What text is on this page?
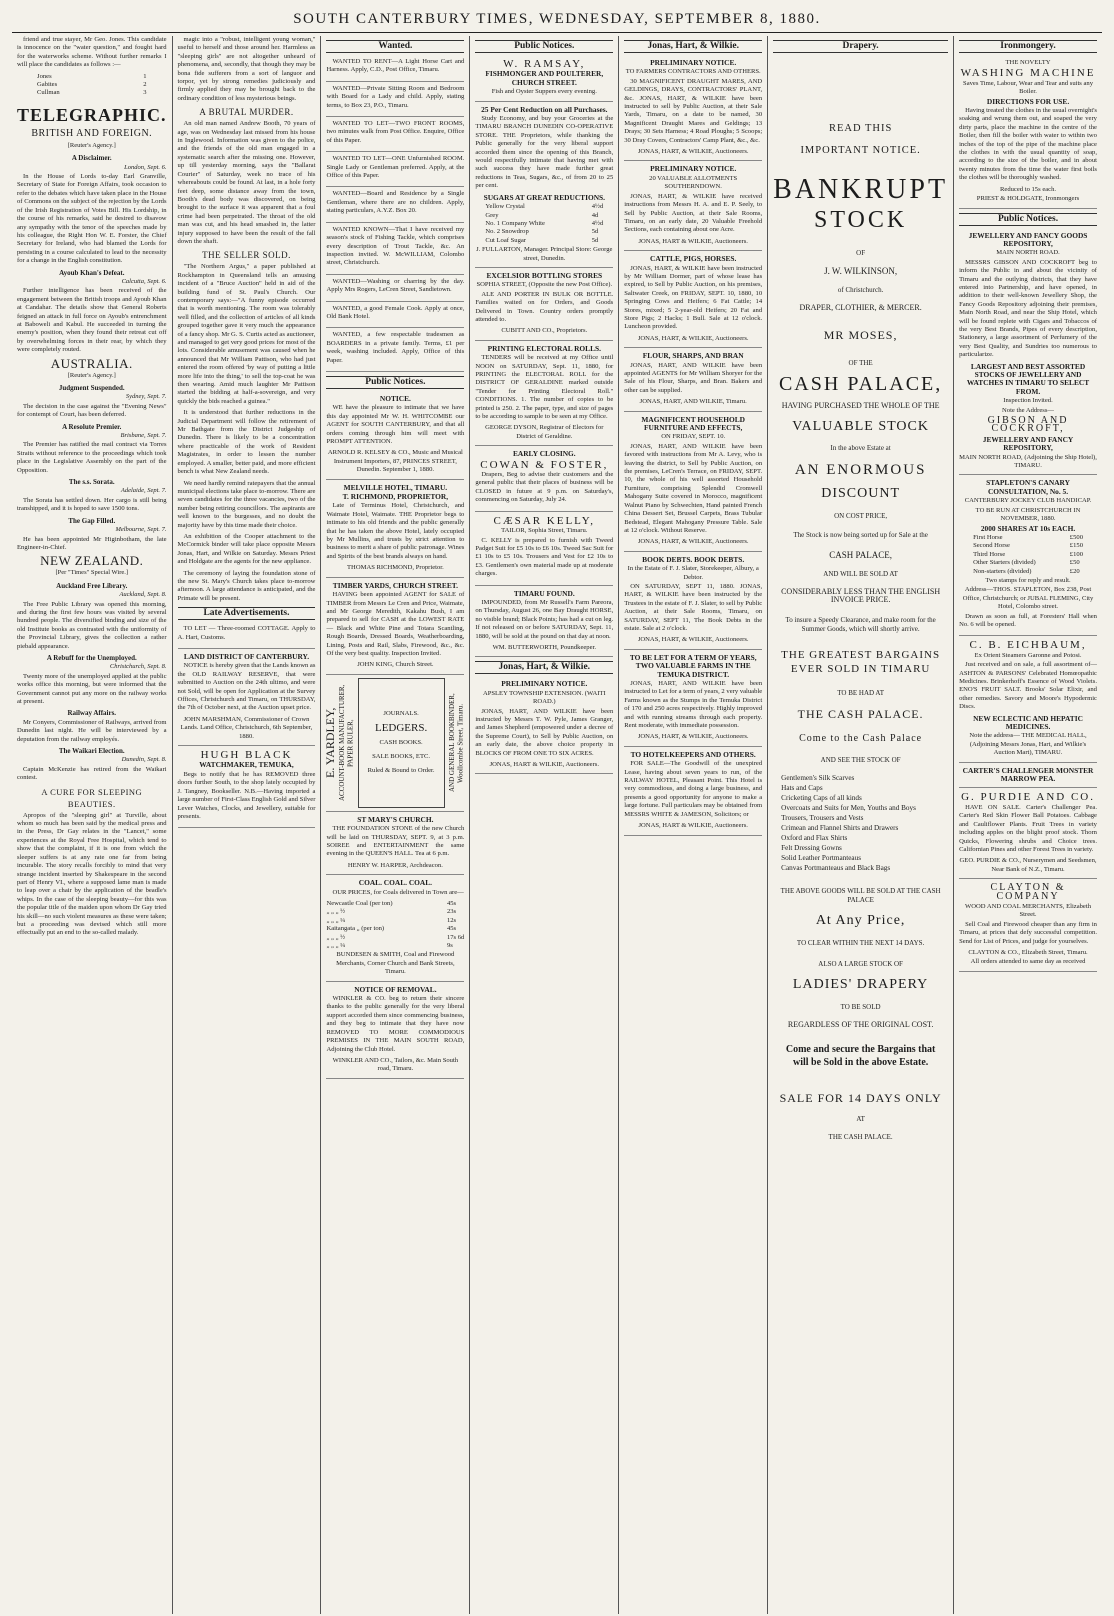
SOUTH CANTERBURY TIMES, WEDNESDAY, SEPTEMBER 8, 1880.

friend and true stayer, Mr Geo. Jones. This candidate is innocence on the "water question," and fought hard for the waterworks scheme. Without further remarks I will place the candidates as follows :—

Jones	1
Gabites	2
Cullman	3
TELEGRAPHIC.
BRITISH AND FOREIGN.
[Reuter's Agency.]
A Disclaimer.
London, Sept. 6.

In the House of Lords to-day Earl Granville, Secretary of State for Foreign Affairs, took occasion to refer to the debates which have taken place in the House of Commons on the subject of the rejection by the Lords of the Irish Registration of Votes Bill. His Lordship, in the course of his remarks, said he desired to disavow any sympathy with the tenor of the speeches made by his colleague, the Right Hon W. E. Forster, the Chief Secretary for Ireland, who had blamed the Lords for persisting in a course calculated to lead to the necessity for a change in the English constitution.

Ayoub Khan's Defeat.
Calcutta, Sept. 6.

Further intelligence has been received of the engagement between the British troops and Ayoub Khan at Candahar. The details show that General Roberts feigned an attack in full force on Ayoub's entrenchment at Baboweli and Kabul. He succeeded in turning the enemy's position, when they found their retreat cut off by overwhelming forces in their rear, by which they were completely routed.

AUSTRALIA.
[Reuter's Agency.]
Judgment Suspended.
Sydney, Sept. 7.

The decision in the case against the "Evening News" for contempt of Court, has been deferred.

A Resolute Premier.
Brisbane, Sept. 7.

The Premier has ratified the mail contract via Torres Straits without reference to the proceedings which took place in the Legislative Assembly on the part of the Opposition.

The s.s. Sorata.
Adelaide, Sept. 7.

The Sorata has settled down. Her cargo is still being transhipped, and it is hoped to save 1500 tons.

The Gap Filled.
Melbourne, Sept. 7.

He has been appointed Mr Higinbotham, the late Engineer-in-Chief.

NEW ZEALAND.
[Per "Times" Special Wire.]
Auckland Free Library.
Auckland, Sept. 8.

The Free Public Library was opened this morning, and during the first few hours was visited by several hundred people. The diversified binding and size of the old Institute books as contrasted with the uniformity of the Provincial Library, gives the collection a rather piebald appearance.

A Rebuff for the Unemployed.
Christchurch, Sept. 8.

Twenty more of the unemployed applied at the public works office this morning, but were informed that the Government cannot put any more on the railway works at present.

Railway Affairs.

Mr Conyers, Commissioner of Railways, arrived from Dunedin last night. He will be interviewed by a deputation from the railway employés.

The Waikari Election.
Dunedin, Sept. 8.

Captain McKenzie has retired from the Waikari contest.

A CURE FOR SLEEPING BEAUTIES.

Apropos of the "sleeping girl" at Turville, about whom so much has been said by the medical press and in the Press, Dr Gay relates in the "Lancet," some experiences at the Royal Free Hospital, which tend to show that the complaint, if it is one from which the sleeper suffers is at any rate one far from being incurable. The story recalls forcibly to mind that very strange incident inserted by Shakespeare in the second part of Henry VI., where a supposed lame man is made to leap over a chair by the application of the beadle's whips. In the case of the sleeping beauty—for this was the popular title of the maiden upon whom Dr Gay tried his skill—no such violent measures as these were taken; but a proceeding was devised which still more effectually put an end to the so-called malady.

magic into a "robust, intelligent young woman," useful to herself and those around her. Harmless as "sleeping girls" are not altogether unheard of phenomena, and, secondly, that though they may be bona fide sufferers from a sort of languor and torpor, yet by strong remedies judiciously and firmly applied they may be brought back to the ordinary condition of less mysterious beings.

A BRUTAL MURDER.

An old man named Andrew Booth, 70 years of age, was on Wednesday last missed from his house in Inglewood. Information was given to the police, and the friends of the old man engaged in a systematic search after the missing one. However, up till yesterday morning, says the "Ballarat Courier" of Saturday, week no trace of his whereabouts could be found. At last, in a hole forty feet deep, some distance away from the town, Booth's dead body was discovered, on being brought to the surface it was apparent that a foul crime had been perpetrated. The throat of the old man was cut, and his head smashed in, the latter injury supposed to have been the result of the fall down the shaft.

THE SELLER SOLD.

"The Northern Argus," a paper published at Rockhampton in Queensland tells an amusing incident of a "Bruce Auction" held in aid of the building fund of St. Paul's Church. Our contemporary says:—"A funny episode occurred that is worth mentioning. The room was tolerably well filled, and the collection of articles of all kinds grouped together gave it very much the appearance of a fancy shop. Mr G. S. Curtis acted as auctioneer, and managed to get very good prices for most of the lots. Considerable amusement was caused when he announced that Mr William Pattison, who had just entered the room offered 'by way of putting a little more life into the thing,' to sell the top-coat he was then wearing. Amid much laughter Mr Pattison started the bidding at half-a-sovereign, and very quickly the bids reached a guinea."

It is understood that further reductions in the Judicial Department will follow the retirement of Mr Bathgate from the District Judgeship of Dunedin. There is likely to be a concentration where practicable of the work of Resident Magistrates, in order to lessen the number employed. A smaller, better paid, and more efficient bench is what New Zealand needs.

We need hardly remind ratepayers that the annual municipal elections take place to-morrow. There are seven candidates for the three vacancies, two of the number being retiring councillors. The aspirants are well known to the burgesses, and no doubt the majority have by this time made their choice.

An exhibition of the Cooper attachment to the McCormick binder will take place opposite Messrs Jonas, Hart, and Wilkie on Saturday. Messrs Priest and Holdgate are the agents for the new appliance.

The ceremony of laying the foundation stone of the new St. Mary's Church takes place to-morrow afternoon. A large attendance is anticipated, and the Primate will be present.

Late Advertisements.

TO LET — Three-roomed COTTAGE. Apply to A. Hart, Customs.

LAND DISTRICT OF CANTERBURY.

NOTICE is hereby given that the Lands known as the OLD RAILWAY RESERVE, that were submitted to Auction on the 24th ultimo, and were not Sold, will be open for Application at the Survey Offices, Christchurch and Timaru, on THURSDAY, the 7th of October next, at the Auction upset price.

JOHN MARSHMAN, Commissioner of Crown Lands. Land Office, Christchurch, 6th September, 1880.
HUGH BLACK
WATCHMAKER, TEMUKA,

Begs to notify that he has REMOVED three doors further South, to the shop lately occupied by J. Tangney, Bookseller. N.B.—Having imported a large number of First-Class English Gold and Silver Lever Watches, Clocks, and Jewellery, suitable for presents.

Wanted.

WANTED TO RENT—A Light Horse Cart and Harness. Apply, C.D., Post Office, Timaru.

WANTED—Private Sitting Room and Bedroom with Board for a Lady and child. Apply, stating terms, to Box 23, P.O., Timaru.

WANTED TO LET—TWO FRONT ROOMS, two minutes walk from Post Office. Enquire, Office of this Paper.

WANTED TO LET—ONE Unfurnished ROOM. Single Lady or Gentleman preferred. Apply, at the Office of this Paper.

WANTED—Board and Residence by a Single Gentleman, where there are no children. Apply, stating particulars, A.Y.Z. Box 20.

WANTED KNOWN—That I have received my season's stock of Fishing Tackle, which comprises every description of Trout Tackle, &c. An inspection invited. W. McWILLIAM, Colombo street, Christchurch.

WANTED—Washing or charring by the day. Apply Mrs Rogers, LeCren Street, Sandietown.

WANTED, a good Female Cook. Apply at once, Old Bank Hotel.

WANTED, a few respectable tradesmen as BOARDERS in a private family. Terms, £1 per week, washing included. Apply, Office of this Paper.

Public Notices.
NOTICE.

WE have the pleasure to intimate that we have this day appointed Mr W. H. WHITCOMBE our AGENT for SOUTH CANTERBURY, and that all orders coming through him will meet with PROMPT ATTENTION.

ARNOLD R. KELSEY & CO., Music and Musical Instrument Importers, 87, PRINCES STREET, Dunedin. September 1, 1880.
MELVILLE HOTEL, TIMARU.
T. RICHMOND, PROPRIETOR,

Late of Terminus Hotel, Christchurch, and Waimate Hotel, Waimate. THE Proprietor begs to intimate to his old friends and the public generally that he has taken the above Hotel, lately occupied by Mr Mullins, and trusts by strict attention to business to merit a share of public patronage. Wines and Spirits of the best brands always on hand.

THOMAS RICHMOND, Proprietor.
TIMBER YARDS, CHURCH STREET.

HAVING been appointed AGENT for SALE of TIMBER from Messrs Le Cren and Price, Waimate, and Mr George Meredith, Kakahu Bush, I am prepared to sell for CASH at the LOWEST RATE— Black and White Pine and Totara Scantling, Rough Boards, Dressed Boards, Weatherboarding, Lining, Posts and Rail, Slabs, Firewood, &c., &c. Of the very best quality. Inspection Invited.

JOHN KING, Church Street.
E. YARDLEY, ACCOUNT-BOOK MANUFACTURER, PAPER RULER,
JOURNALS.
LEDGERS.
CASH BOOKS.
SALE BOOKS, ETC.
Ruled & Bound to Order.	AND GENERAL BOOKBINDER, Woollcombe Street, Timaru.
ST MARY'S CHURCH.

THE FOUNDATION STONE of the new Church will be laid on THURSDAY, SEPT. 9, at 3 p.m. SOIREE and ENTERTAINMENT the same evening in the QUEEN'S HALL. Tea at 6 p.m.

HENRY W. HARPER, Archdeacon.
COAL. COAL. COAL.

OUR PRICES, for Coals delivered in Town are—

Newcastle Coal (per ton)	45s
„ „ „ ½	23s
„ „ „ ¼	12s
Kaitangata „ (per ton)	45s
„ „ „ ½	17s 6d
„ „ „ ¼	9s
BUNDESEN & SMITH, Coal and Firewood Merchants, Corner Church and Bank Streets, Timaru.
NOTICE OF REMOVAL.

WINKLER & CO. beg to return their sincere thanks to the public generally for the very liberal support accorded them since commencing business, and they beg to intimate that they have now REMOVED TO MORE COMMODIOUS PREMISES IN THE MAIN SOUTH ROAD, Adjoining the Club Hotel.

WINKLER AND CO., Tailors, &c. Main South road, Timaru.
Public Notices.
W. RAMSAY,
FISHMONGER AND POULTERER, CHURCH STREET.
Fish and Oyster Suppers every evening.
25 Per Cent Reduction on all Purchases.

Study Economy, and buy your Groceries at the TIMARU BRANCH DUNEDIN CO-OPERATIVE STORE. THE Proprietors, while thanking the Public generally for the very liberal support accorded them since the opening of this Branch, would respectfully intimate that having met with such success they have made further great reductions in Teas, Sugars, &c., of from 20 to 25 per cent.

SUGARS AT GREAT REDUCTIONS.
Yellow Crystal	4½d
Grey	4d
No. 1 Company White	4½d
No. 2 Snowdrop	5d
Cut Loaf Sugar	5d
J. FULLARTON, Manager. Principal Store: George street, Dunedin.
EXCELSIOR BOTTLING STORES
SOPHIA STREET, (Opposite the new Post Office).

ALE AND PORTER IN BULK OR BOTTLE. Families waited on for Orders, and Goods Delivered in Town. Country orders promptly attended to.

CUBITT AND CO., Proprietors.
PRINTING ELECTORAL ROLLS.

TENDERS will be received at my Office until NOON on SATURDAY, Sept. 11, 1880, for PRINTING the ELECTORAL ROLL for the DISTRICT OF GERALDINE marked outside "Tender for Printing Electoral Roll." CONDITIONS. 1. The number of copies to be printed is 250. 2. The paper, type, and size of pages to be according to sample to be seen at my Office.

GEORGE DYSON, Registrar of Electors for District of Geraldine.
EARLY CLOSING.
COWAN & FOSTER,

Drapers, Beg to advise their customers and the general public that their places of business will be CLOSED in future at 9 p.m. on Saturday's, commencing on Saturday, July 24.

CÆSAR KELLY,
TAILOR, Sophia Street, Timaru.

C. KELLY is prepared to furnish with Tweed Padget Suit for £5 10s to £6 10s. Tweed Sac Suit for £1 10s to £5 10s. Trousers and Vest for £2 10s to £3. Gentlemen's own material made up at moderate charges.

TIMARU FOUND.

IMPOUNDED, from Mr Russell's Farm Pareora, on Thursday, August 26, one Bay Draught HORSE, no visible brand; Black Points; has had a cut on leg. If not released on or before SATURDAY, Sept. 11, 1880, will be sold at the pound on that day at noon.

WM. BUTTERWORTH, Poundkeeper.
Jonas, Hart, & Wilkie.
PRELIMINARY NOTICE.
APSLEY TOWNSHIP EXTENSION. (WAITI ROAD.)

JONAS, HART, AND WILKIE have been instructed by Messrs T. W. Pyle, James Granger, and James Shepherd (empowered under a decree of the Supreme Court), to Sell by Public Auction, on an early date, the above choice property in BLOCKS OF FROM ONE TO SIX ACRES.

JONAS, HART & WILKIE, Auctioneers.
Jonas, Hart, & Wilkie.
PRELIMINARY NOTICE.
TO FARMERS CONTRACTORS AND OTHERS.

30 MAGNIFICENT DRAUGHT MARES, AND GELDINGS, DRAYS, CONTRACTORS' PLANT, &c. JONAS, HART, & WILKIE have been instructed to sell by Public Auction, at their Sale Yards, Timaru, on a date to be named, 30 Magnificent Draught Mares and Geldings; 13 Drays; 30 Sets Harness; 4 Road Ploughs; 5 Scoops; 30 Dray Covers, Contractors' Camp Plant, &c., &c.

JONAS, HART, & WILKIE, Auctioneers.
PRELIMINARY NOTICE.
20 VALUABLE ALLOTMENTS SOUTHERNDOWN.

JONAS, HART, & WILKIE have received instructions from Messrs H. A. and E. P. Seely, to Sell by Public Auction, at their Sale Rooms, Timaru, on an early date, 20 Valuable Freehold Sections, each containing about one Acre.

JONAS, HART & WILKIE, Auctioneers.
CATTLE, PIGS, HORSES.

JONAS, HART, & WILKIE have been instructed by Mr William Dormer, part of whose lease has expired, to Sell by Public Auction, on his premises, Saltwater Creek, on FRIDAY, SEPT. 10, 1880, 10 Springing Cows and Heifers; 6 Fat Cattle; 14 Stores, mixed; 5 2-year-old Heifers; 20 Fat and Store Pigs; 2 Hacks; 1 Bull. Sale at 12 o'clock. Luncheon provided.

JONAS, HART, & WILKIE, Auctioneers.
FLOUR, SHARPS, AND BRAN

JONAS, HART, AND WILKIE have been appointed AGENTS for Mr William Shoryer for the Sale of his Flour, Sharps, and Bran. Bakers and other can be supplied.

JONAS, HART, AND WILKIE, Timaru.
MAGNIFICENT HOUSEHOLD FURNITURE AND EFFECTS,
ON FRIDAY, SEPT. 10.

JONAS, HART, AND WILKIE have been favored with instructions from Mr A. Levy, who is leaving the district, to Sell by Public Auction, on the premises, LeCren's Terrace, on FRIDAY, SEPT. 10, the whole of his well assorted Household Furniture, comprising Splendid Cromwell Mahogany Suite covered in Morocco, magnificent Walnut Piano by Schwechten, Hand painted French China Dessert Set, Brussel Carpets, Brass Tubular Bedstead, Elegant Mahogany Pressure Table. Sale at 12 o'clock. Without Reserve.

JONAS, HART, & WILKIE, Auctioneers.
BOOK DEBTS. BOOK DEBTS.
In the Estate of F. J. Slater, Storekeeper, Albury, a Debtor.

ON SATURDAY, SEPT 11, 1880. JONAS, HART, & WILKIE have been instructed by the Trustees in the estate of F. J. Slater, to sell by Public Auction, at their Sale Rooms, Timaru, on SATURDAY, SEPT 11, The Book Debts in the estate. Sale at 2 o'clock.

JONAS, HART, & WILKIE, Auctioneers.
TO BE LET FOR A TERM OF YEARS, TWO VALUABLE FARMS IN THE TEMUKA DISTRICT.

JONAS, HART, AND WILKIE have been instructed to Let for a term of years, 2 very valuable Farms known as the Stumps in the Temuka District of 170 and 250 acres respectively. Highly improved and with running streams through each property. Rent moderate, with immediate possession.

JONAS, HART, & WILKIE, Auctioneers.
TO HOTELKEEPERS AND OTHERS.

FOR SALE—The Goodwill of the unexpired Lease, having about seven years to run, of the RAILWAY HOTEL, Pleasant Point. This Hotel is very commodious, and doing a large business, and presents a good opportunity for anyone to make a large fortune. Full particulars may be obtained from MESSRS WHITE & JAMESON, Solicitors; or

JONAS, HART & WILKIE, Auctioneers.
Drapery.
READ THIS
IMPORTANT NOTICE.
BANKRUPT
STOCK
OF
J. W. WILKINSON,
of Christchurch.
DRAPER, CLOTHIER, & MERCER.
MR MOSES,
OF THE
CASH PALACE,
HAVING PURCHASED THE WHOLE OF THE
VALUABLE STOCK
In the above Estate at
AN ENORMOUS
DISCOUNT
ON COST PRICE,
The Stock is now being sorted up for Sale at the
CASH PALACE,
AND WILL BE SOLD AT
CONSIDERABLY LESS THAN THE ENGLISH INVOICE PRICE.
To insure a Speedy Clearance, and make room for the Summer Goods, which will shortly arrive.
THE GREATEST BARGAINS EVER SOLD IN TIMARU
TO BE HAD AT
THE CASH PALACE.
Come to the Cash Palace
AND SEE THE STOCK OF
Gentlemen's Silk Scarves
Hats and Caps
Cricketing Caps of all kinds
Overcoats and Suits for Men, Youths and Boys
Trousers, Trousers and Vests
Crimean and Flannel Shirts and Drawers
Oxford and Flax Shirts
Felt Dressing Gowns
Solid Leather Portmanteaus
Canvas Portmanteaus and Black Bags
THE ABOVE GOODS WILL BE SOLD AT THE CASH PALACE
At Any Price,
TO CLEAR WITHIN THE NEXT 14 DAYS.
ALSO A LARGE STOCK OF
LADIES' DRAPERY
TO BE SOLD
REGARDLESS OF THE ORIGINAL COST.
Come and secure the Bargains that will be Sold in the above Estate.
SALE FOR 14 DAYS ONLY
AT
THE CASH PALACE.
Ironmongery.
THE NOVELTY
WASHING MACHINE
Saves Time, Labour, Wear and Tear and suits any Boiler.
DIRECTIONS FOR USE.

Having treated the clothes in the usual overnight's soaking and wrung them out, and soaped the very dirty parts, place the machine in the centre of the Boiler, then fill the boiler with water to within two inches of the top of the pipe of the machine place the clothes in with the usual quantity of soap, according to the size of the boiler, and in about twenty minutes from the time the water first boils the clothes will be thoroughly washed.

Reduced to 15s each.
PRIEST & HOLDGATE, Ironmongers
Public Notices.
JEWELLERY AND FANCY GOODS REPOSITORY,
MAIN NORTH ROAD.

MESSRS GIBSON AND COCKROFT beg to inform the Public in and about the vicinity of Timaru and the outlying districts, that they have entered into Partnership, and have opened, in addition to their well-known Jewellery Shop, the Fancy Goods Repository adjoining their premises, Main North Road, and near the Ship Hotel, which will be found replete with Cigars and Tobaccos of the very Best Brands, Pipes of every description, Stationery, a large assortment of Perfumery of the very Best Quality, and Sundries too numerous to particularize.

LARGEST AND BEST ASSORTED STOCKS OF JEWELLERY AND WATCHES IN TIMARU TO SELECT FROM.
Inspection Invited.
Note the Address—
GIBSON AND COCKROFT,
JEWELLERY AND FANCY REPOSITORY,
MAIN NORTH ROAD, (Adjoining the Ship Hotel), TIMARU.
STAPLETON'S CANARY CONSULTATION, No. 5.
CANTERBURY JOCKEY CLUB HANDICAP.
TO BE RUN AT CHRISTCHURCH IN NOVEMBER, 1880.
2000 SHARES AT 10s EACH.
First Horse	£500
Second Horse	£150
Third Horse	£100
Other Starters (divided)	£50
Non-starters (divided)	£20
Two stamps for reply and result.
Address—THOS. STAPLETON, Box 238, Post Office, Christchurch; or JUBAL FLEMING, City Hotel, Colombo street.

Drawn as soon as full, at Foresters' Hall when No. 6 will be opened.

C. B. EICHBAUM,
Ex Orient Steamers Garonne and Potosi.

Just received and on sale, a full assortment of— ASHTON & PARSONS' Celebrated Homœopathic Medicines. Brinkerhoff's Essence of Wood Violets. ENO'S FRUIT SALT. Brooks' Solar Elixir, and other remedies. Savory and Moore's Hypodermic Discs.

NEW ECLECTIC AND HEPATIC MEDICINES.
Note the address— THE MEDICAL HALL, (Adjoining Messrs Jonas, Hart, and Wilkie's Auction Mart), TIMARU.
CARTER'S CHALLENGER MONSTER MARROW PEA.
G. PURDIE AND CO.

HAVE ON SALE. Carter's Challenger Pea. Carter's Red Skin Flower Ball Potatoes. Cabbage and Cauliflower Plants. Fruit Trees in variety including apples on the blight proof stock. Thorn Quicks, Flowering shrubs and Choice trees. Californian Pines and other Forest Trees in variety.

GEO. PURDIE & CO., Nurserymen and Seedsmen, Near Bank of N.Z., Timaru.
CLAYTON & COMPANY
WOOD AND COAL MERCHANTS, Elizabeth Street.

Sell Coal and Firewood cheaper than any firm in Timaru, at prices that defy successful competition. Send for List of Prices, and judge for yourselves.

CLAYTON & CO., Elizabeth Street, Timaru.
All orders attended to same day as received
